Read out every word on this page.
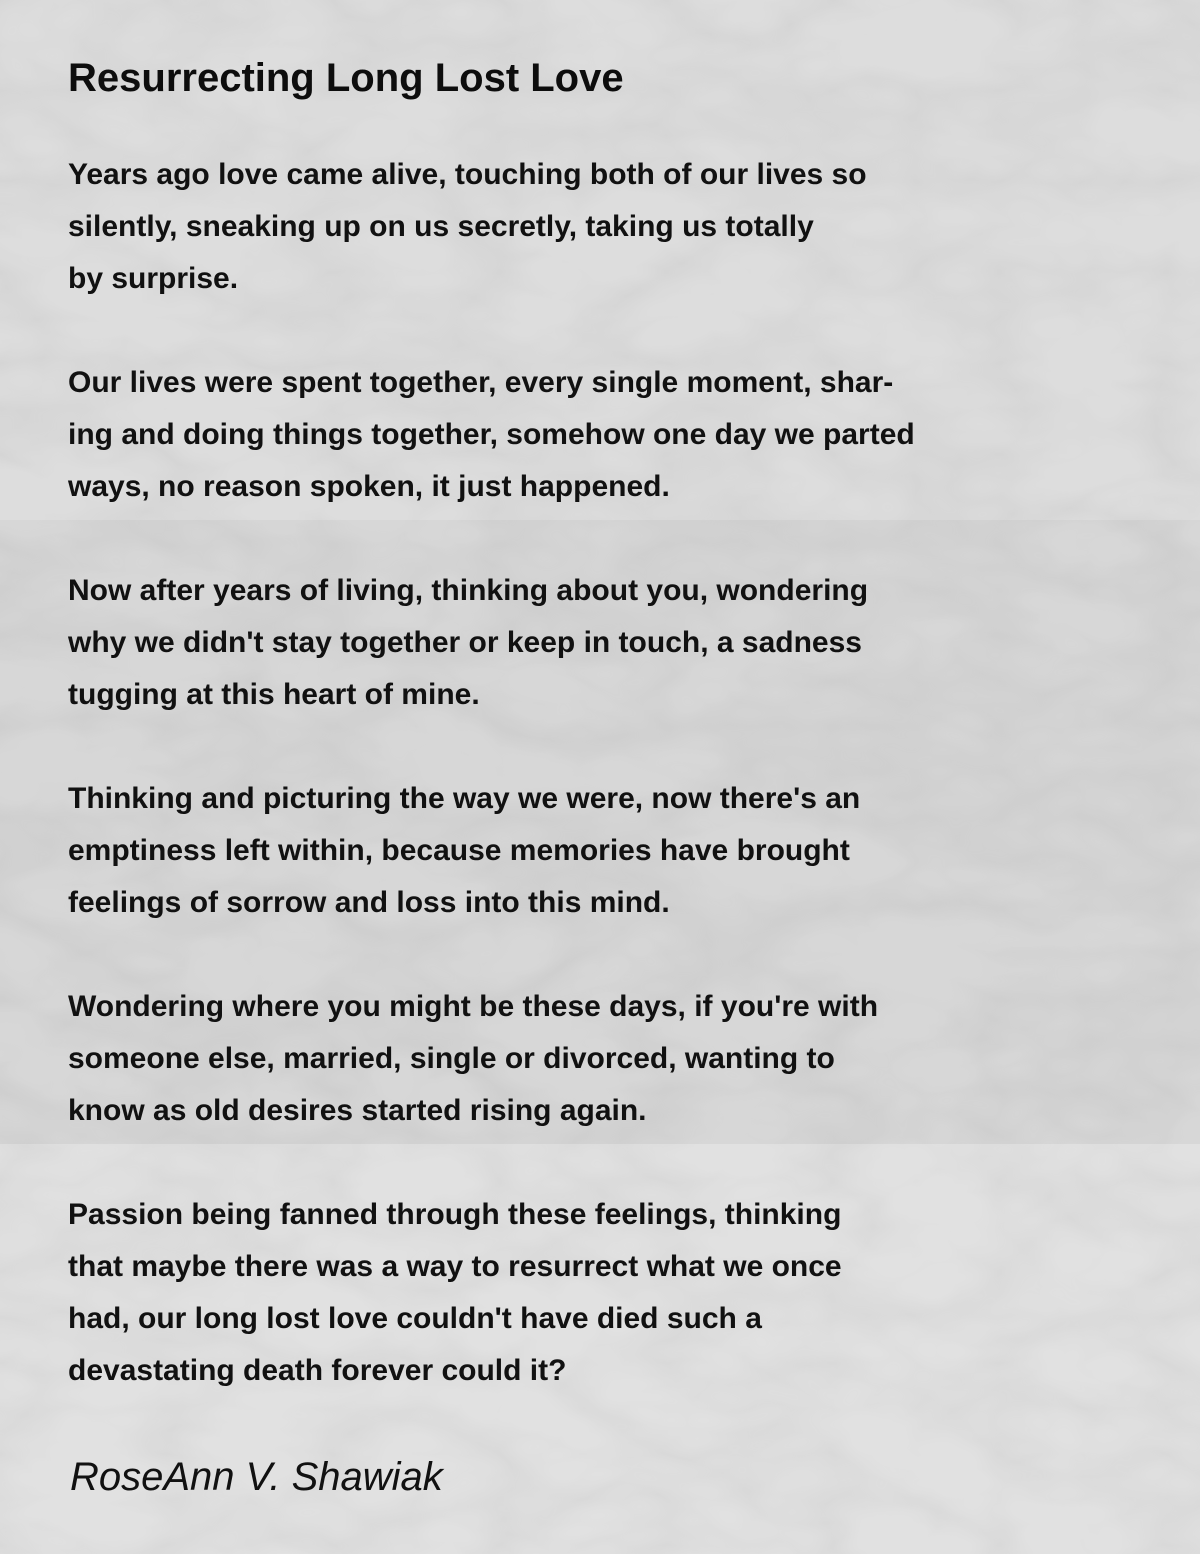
Resurrecting Long Lost Love
Years ago love came alive, touching both of our lives so
silently, sneaking up on us secretly, taking us totally
by surprise.
Our lives were spent together, every single moment, shar-
ing and doing things together, somehow one day we parted
ways, no reason spoken, it just happened.
Now after years of living, thinking about you, wondering
why we didn't stay together or keep in touch, a sadness
tugging at this heart of mine.
Thinking and picturing the way we were, now there's an
emptiness left within, because memories have brought
feelings of sorrow and loss into this mind.
Wondering where you might be these days, if you're with
someone else, married, single or divorced, wanting to
know as old desires started rising again.
Passion being fanned through these feelings, thinking
that maybe there was a way to resurrect what we once
had, our long lost love couldn't have died such a
devastating death forever could it?

RoseAnn V. Shawiak
